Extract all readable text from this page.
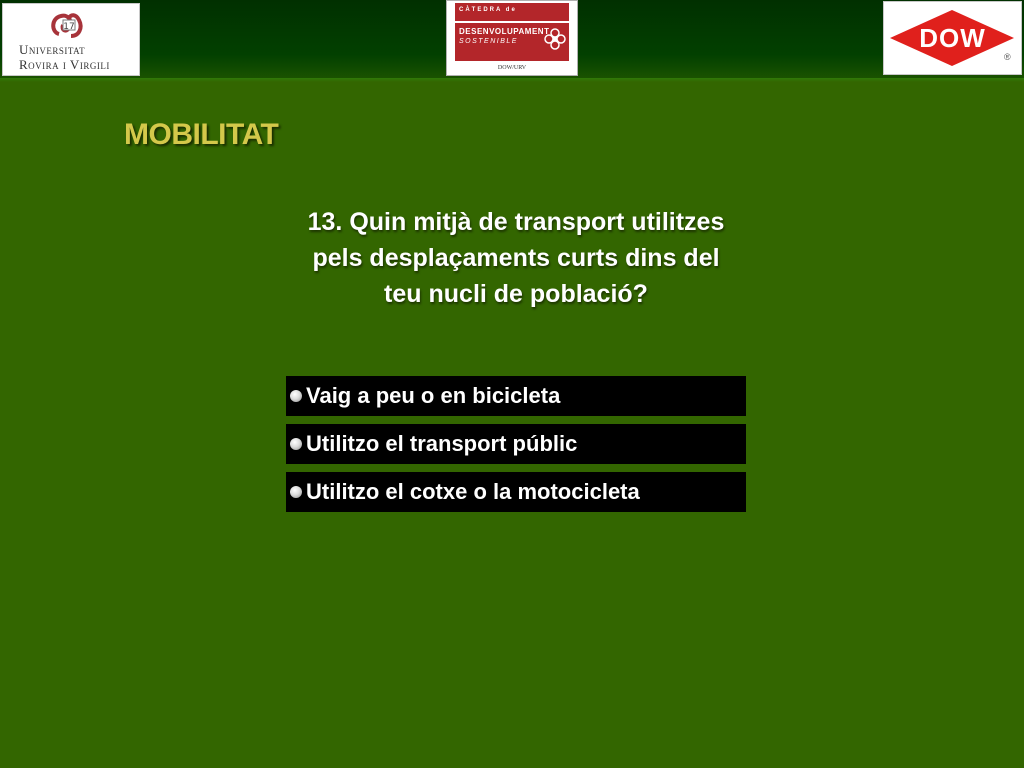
17
Universitat
Rovira i Virgili
CÀTEDRA de
DESENVOLUPAMENT
SOSTENIBLE
DOW/URV
DOW
®
MOBILITAT
13. Quin mitjà de transport utilitzes pels desplaçaments curts dins del teu nucli de població?
Vaig a peu o en bicicleta
Utilitzo el transport públic
Utilitzo el cotxe o la motocicleta
